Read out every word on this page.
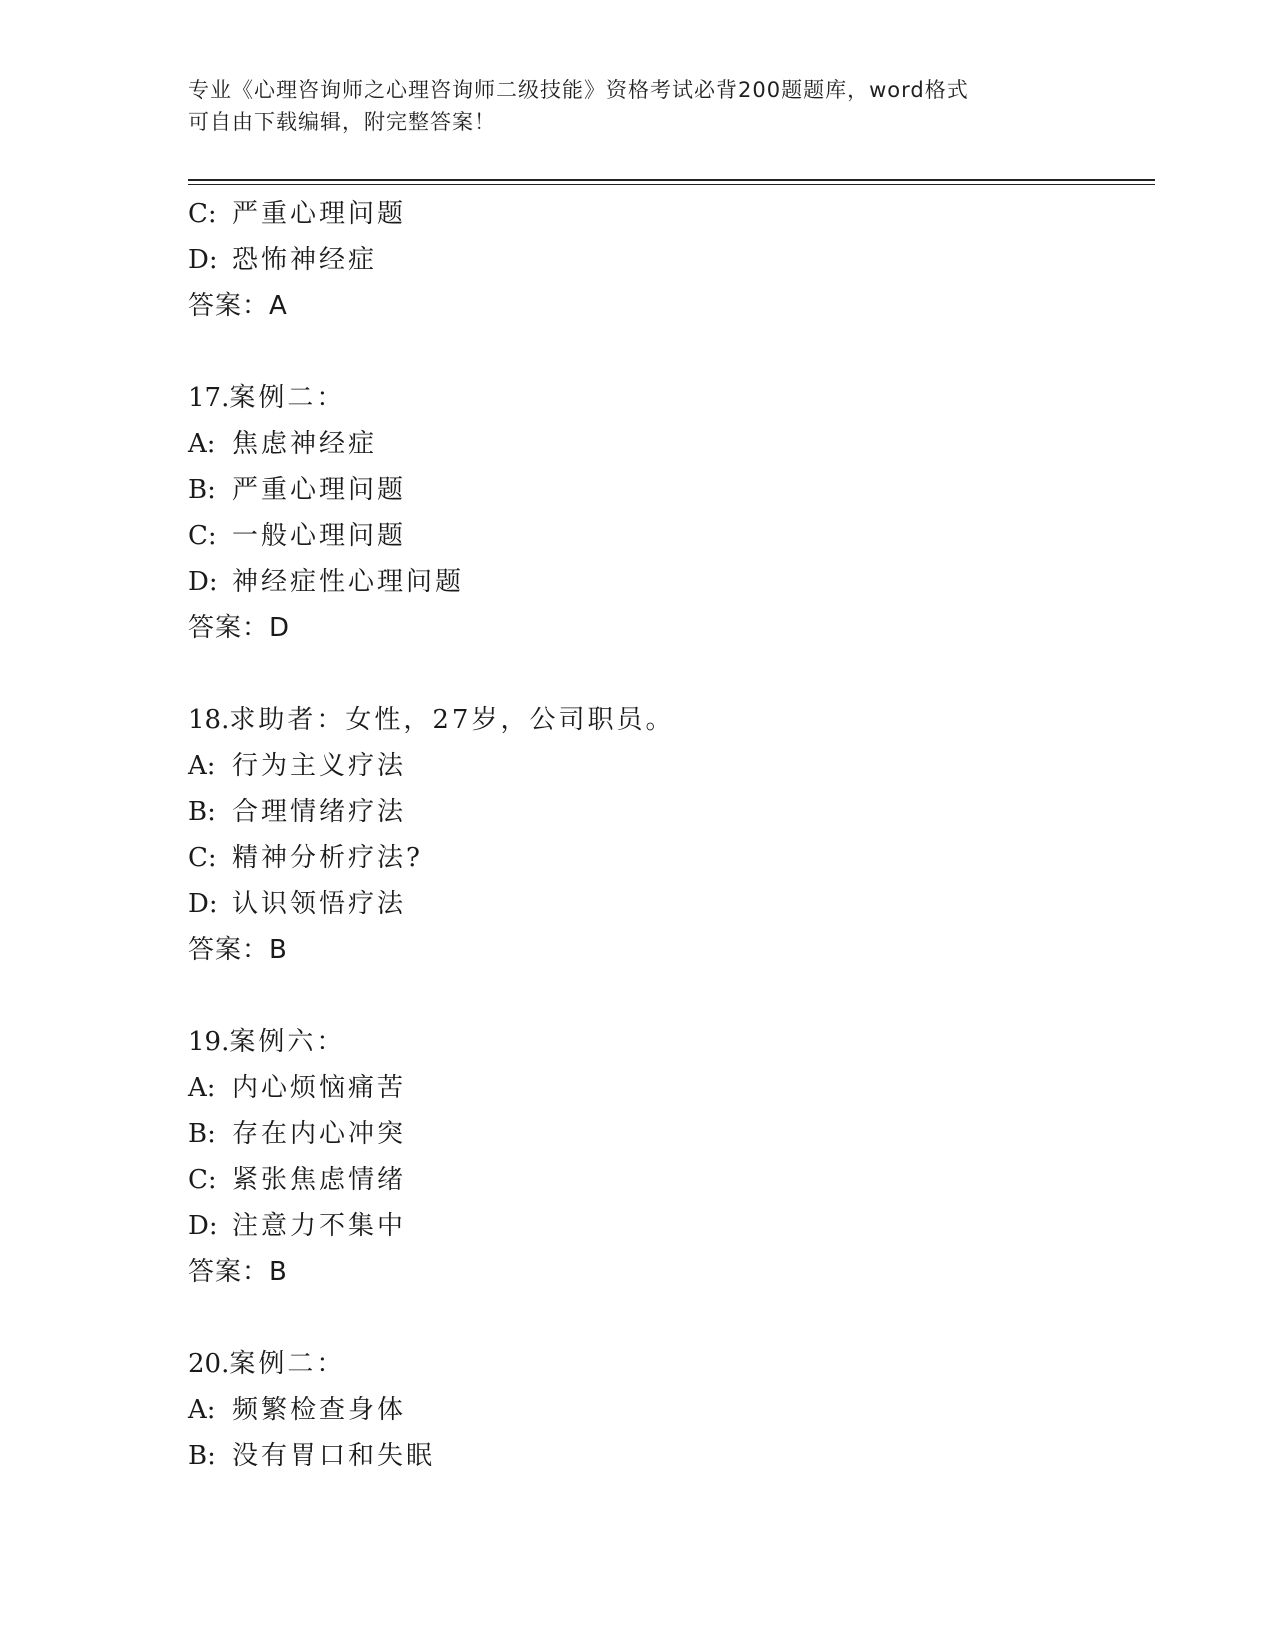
专业《心理咨询师之心理咨询师二级技能》资格考试必背200题题库，word格式
可自由下载编辑，附完整答案！
C: 严重心理问题
D: 恐怖神经症
答案：A
17.案例二：
A: 焦虑神经症
B: 严重心理问题
C: 一般心理问题
D: 神经症性心理问题
答案：D
18.求助者：女性，27岁，公司职员。
A: 行为主义疗法
B: 合理情绪疗法
C: 精神分析疗法?
D: 认识领悟疗法
答案：B
19.案例六：
A: 内心烦恼痛苦
B: 存在内心冲突
C: 紧张焦虑情绪
D: 注意力不集中
答案：B
20.案例二：
A: 频繁检查身体
B: 没有胃口和失眠
